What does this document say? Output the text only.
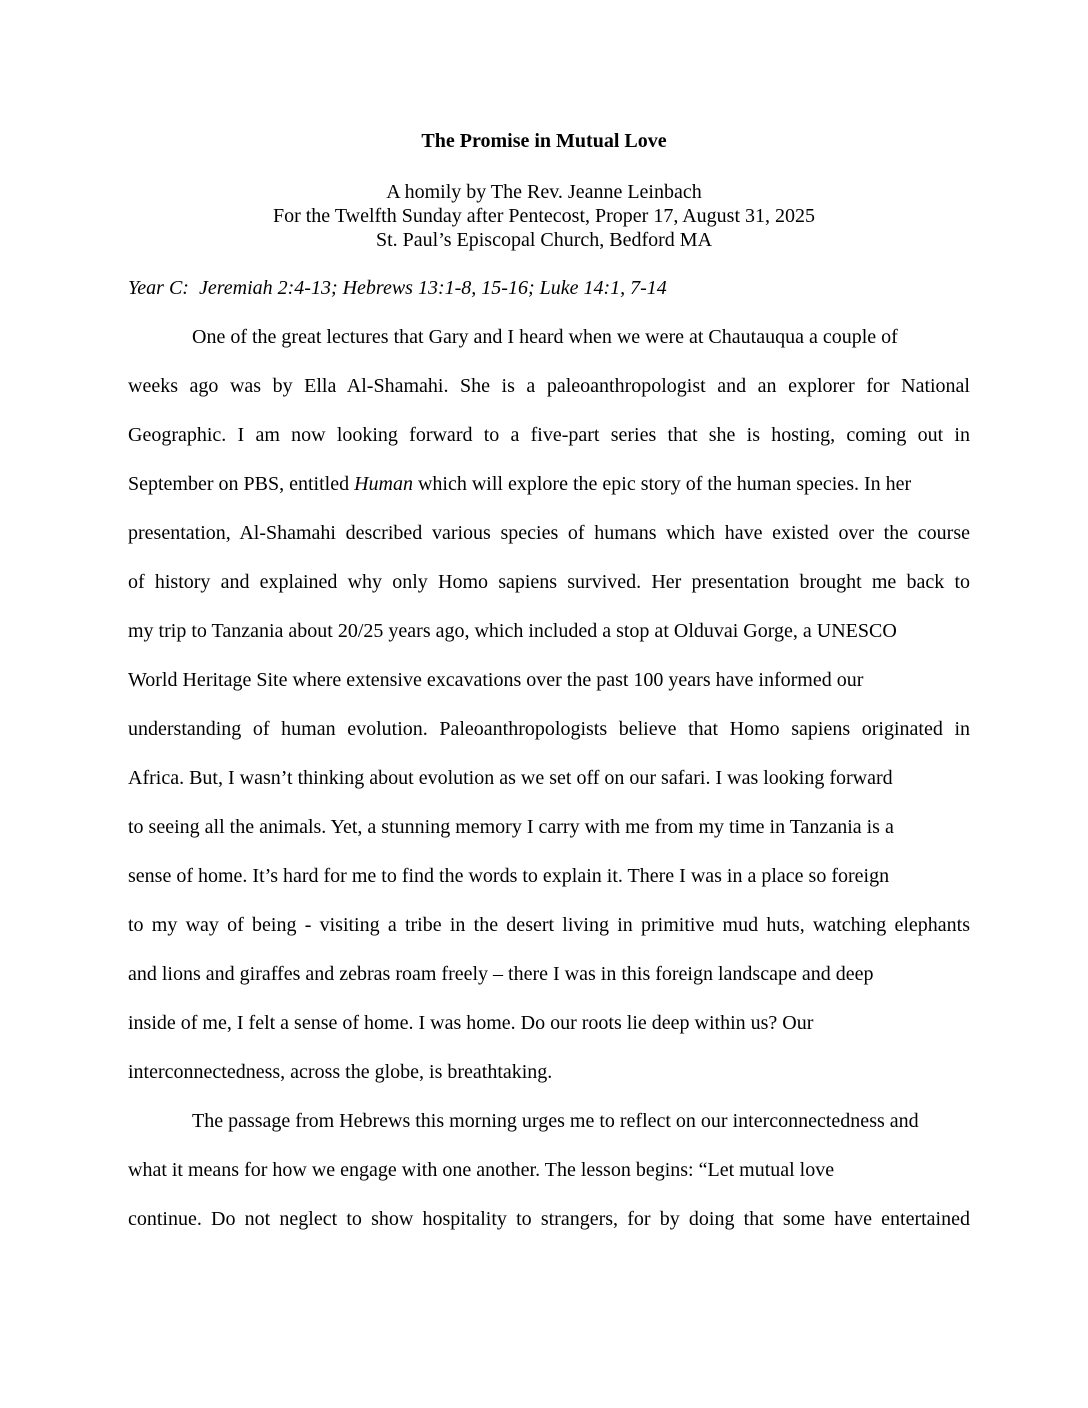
The Promise in Mutual Love
A homily by The Rev. Jeanne Leinbach
For the Twelfth Sunday after Pentecost, Proper 17, August 31, 2025
St. Paul’s Episcopal Church, Bedford MA
Year C:  Jeremiah 2:4-13; Hebrews 13:1-8, 15-16; Luke 14:1, 7-14
One of the great lectures that Gary and I heard when we were at Chautauqua a couple of
weeks ago was by Ella Al-Shamahi. She is a paleoanthropologist and an explorer for National
Geographic. I am now looking forward to a five-part series that she is hosting, coming out in
September on PBS, entitled Human which will explore the epic story of the human species. In her
presentation, Al-Shamahi described various species of humans which have existed over the course
of history and explained why only Homo sapiens survived. Her presentation brought me back to
my trip to Tanzania about 20/25 years ago, which included a stop at Olduvai Gorge, a UNESCO
World Heritage Site where extensive excavations over the past 100 years have informed our
understanding of human evolution. Paleoanthropologists believe that Homo sapiens originated in
Africa. But, I wasn’t thinking about evolution as we set off on our safari. I was looking forward
to seeing all the animals. Yet, a stunning memory I carry with me from my time in Tanzania is a
sense of home. It’s hard for me to find the words to explain it. There I was in a place so foreign
to my way of being - visiting a tribe in the desert living in primitive mud huts, watching elephants
and lions and giraffes and zebras roam freely – there I was in this foreign landscape and deep
inside of me, I felt a sense of home. I was home. Do our roots lie deep within us? Our
interconnectedness, across the globe, is breathtaking.
The passage from Hebrews this morning urges me to reflect on our interconnectedness and
what it means for how we engage with one another. The lesson begins: “Let mutual love
continue. Do not neglect to show hospitality to strangers, for by doing that some have entertained
